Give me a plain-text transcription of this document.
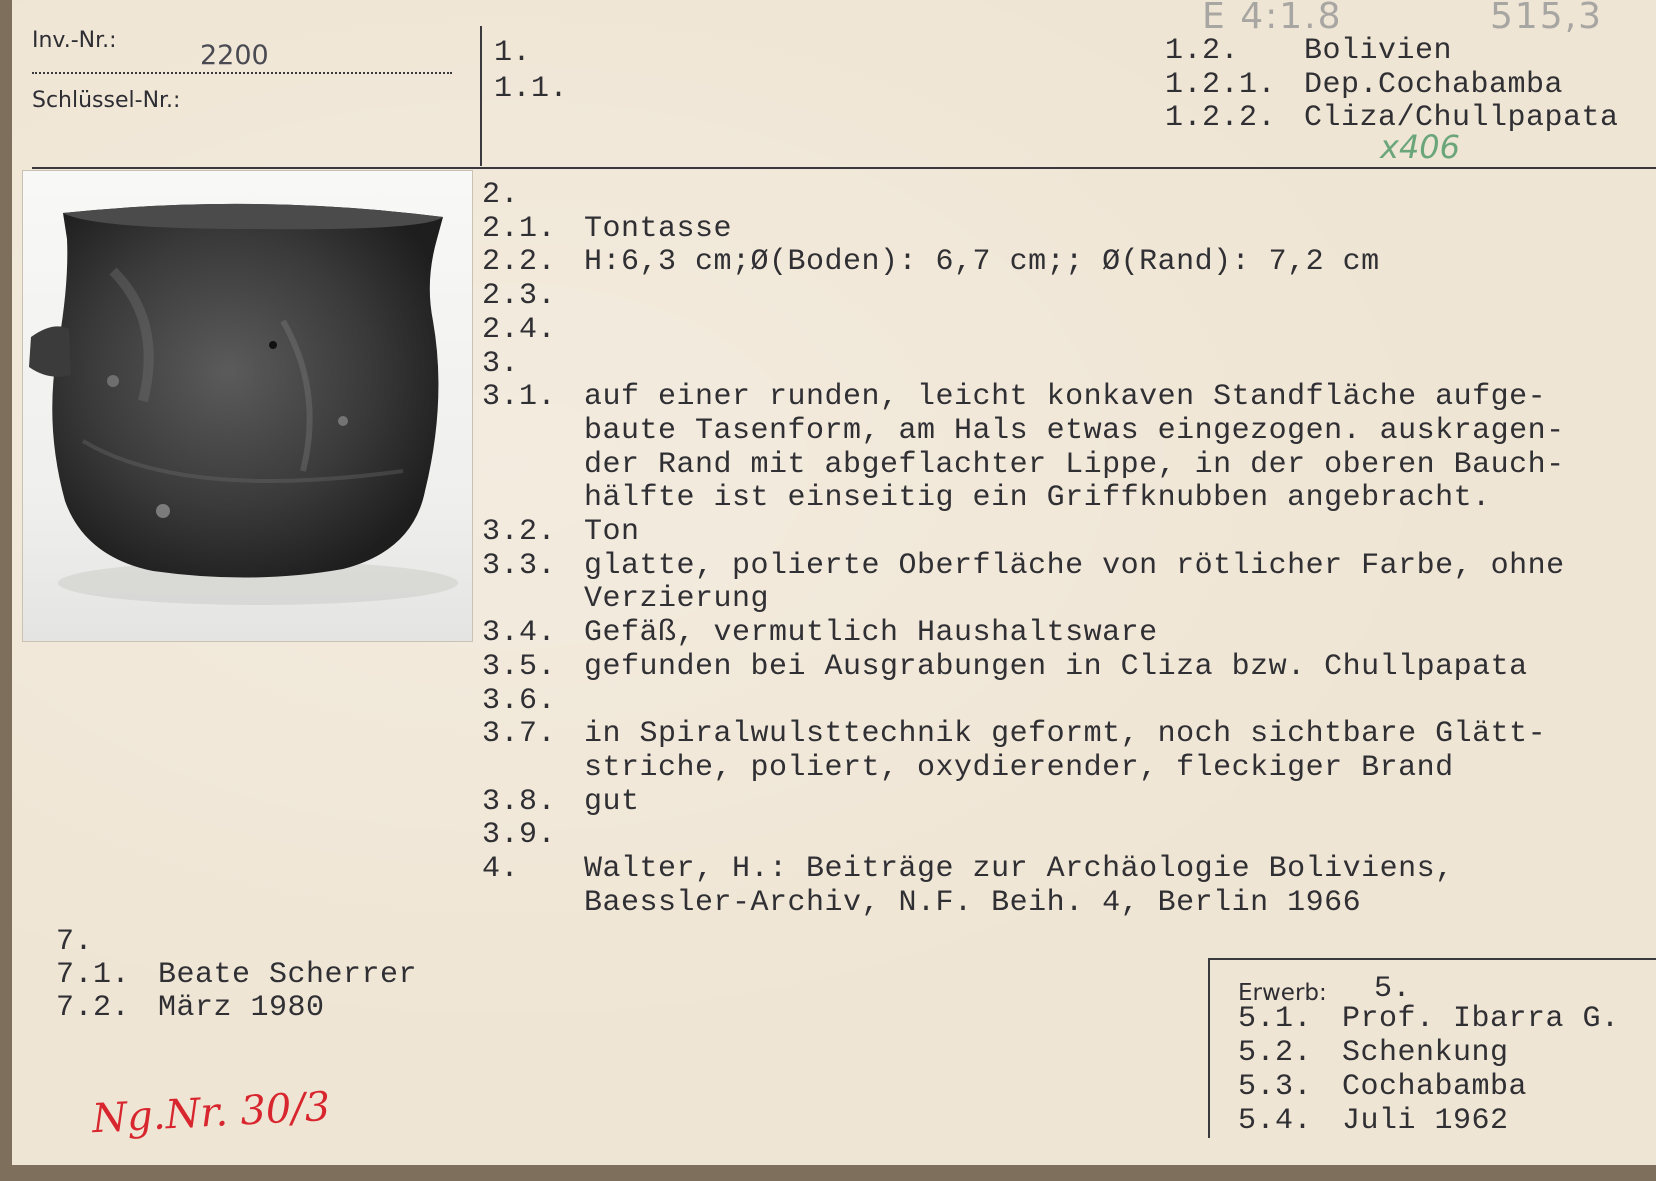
Inv.-Nr.:	2200
Schlüssel-Nr.:
1.
1.1.
1.2. Bolivien
1.2.1. Dep.Cochabamba
1.2.2. Cliza/Chullpapata
E 4:1.8	515,3
x406
2.
2.1. Tontasse
2.2. H:6,3 cm;Ø(Boden): 6,7 cm;; Ø(Rand): 7,2 cm
2.3.
2.4.
3.
3.1. auf einer runden, leicht konkaven Standfläche aufge-
baute Tasenform, am Hals etwas eingezogen. auskragen-
der Rand mit abgeflachter Lippe, in der oberen Bauch-
hälfte ist einseitig ein Griffknubben angebracht.
3.2. Ton
3.3. glatte, polierte Oberfläche von rötlicher Farbe, ohne
Verzierung
3.4. Gefäß, vermutlich Haushaltsware
3.5. gefunden bei Ausgrabungen in Cliza bzw. Chullpapata
3.6.
3.7. in Spiralwulsttechnik geformt, noch sichtbare Glätt-
striche, poliert, oxydierender, fleckiger Brand
3.8. gut
3.9.
4. Walter, H.: Beiträge zur Archäologie Boliviens,
Baessler-Archiv, N.F. Beih. 4, Berlin 1966
7.
7.1. Beate Scherrer
7.2. März 1980
Ng.Nr. 30/3
Erwerb: 5.
5.1. Prof. Ibarra G.
5.2. Schenkung
5.3. Cochabamba
5.4. Juli 1962
